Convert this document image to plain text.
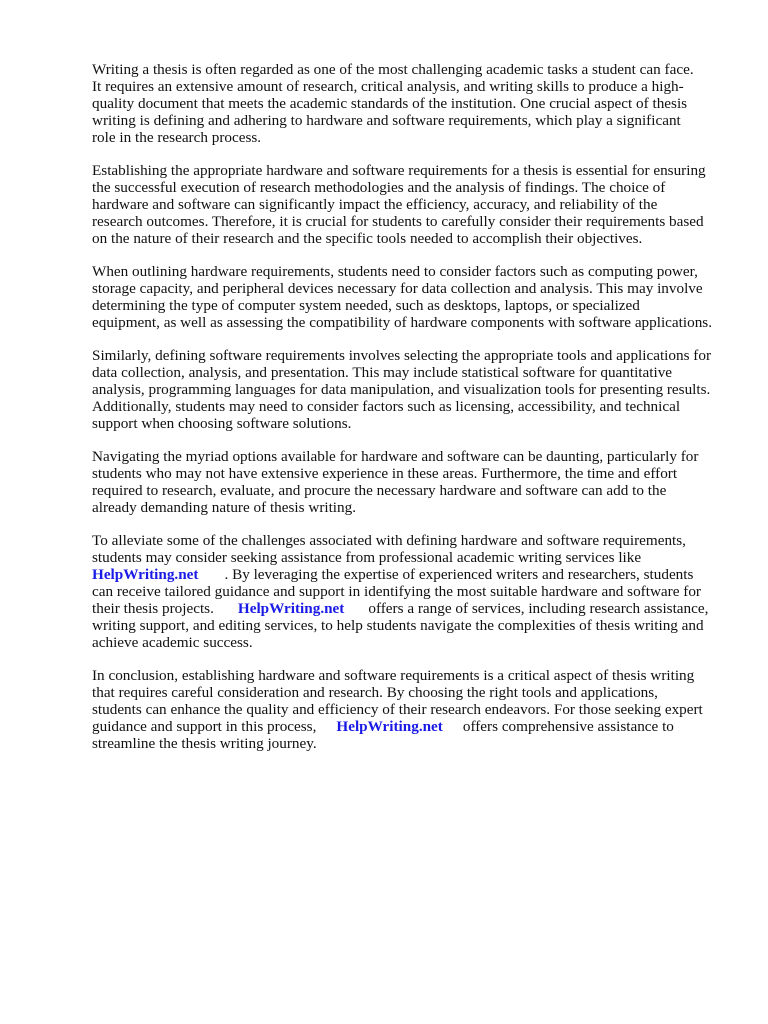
Writing a thesis is often regarded as one of the most challenging academic tasks a student can face.
It requires an extensive amount of research, critical analysis, and writing skills to produce a high-
quality document that meets the academic standards of the institution. One crucial aspect of thesis
writing is defining and adhering to hardware and software requirements, which play a significant
role in the research process.

Establishing the appropriate hardware and software requirements for a thesis is essential for ensuring
the successful execution of research methodologies and the analysis of findings. The choice of
hardware and software can significantly impact the efficiency, accuracy, and reliability of the
research outcomes. Therefore, it is crucial for students to carefully consider their requirements based
on the nature of their research and the specific tools needed to accomplish their objectives.

When outlining hardware requirements, students need to consider factors such as computing power,
storage capacity, and peripheral devices necessary for data collection and analysis. This may involve
determining the type of computer system needed, such as desktops, laptops, or specialized
equipment, as well as assessing the compatibility of hardware components with software applications.

Similarly, defining software requirements involves selecting the appropriate tools and applications for
data collection, analysis, and presentation. This may include statistical software for quantitative
analysis, programming languages for data manipulation, and visualization tools for presenting results.
Additionally, students may need to consider factors such as licensing, accessibility, and technical
support when choosing software solutions.

Navigating the myriad options available for hardware and software can be daunting, particularly for
students who may not have extensive experience in these areas. Furthermore, the time and effort
required to research, evaluate, and procure the necessary hardware and software can add to the
already demanding nature of thesis writing.

To alleviate some of the challenges associated with defining hardware and software requirements,
students may consider seeking assistance from professional academic writing services like
HelpWriting.net . By leveraging the expertise of experienced writers and researchers, students
can receive tailored guidance and support in identifying the most suitable hardware and software for
their thesis projects. HelpWriting.net offers a range of services, including research assistance,
writing support, and editing services, to help students navigate the complexities of thesis writing and
achieve academic success.

In conclusion, establishing hardware and software requirements is a critical aspect of thesis writing
that requires careful consideration and research. By choosing the right tools and applications,
students can enhance the quality and efficiency of their research endeavors. For those seeking expert
guidance and support in this process, HelpWriting.net offers comprehensive assistance to
streamline the thesis writing journey.
